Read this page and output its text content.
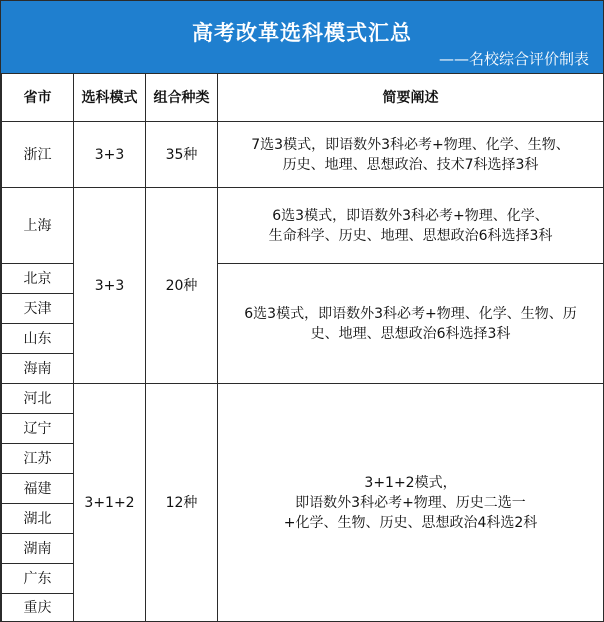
高考改革选科模式汇总
——名校综合评价制表
省市	选科模式	组合种类	简要阐述
浙江	3+3	35种	7选3模式，即语数外3科必考+物理、化学、生物、
历史、地理、思想政治、技术7科选择3科

上海	3+3	20种	6选3模式，即语数外3科必考+物理、化学、
生命科学、历史、地理、思想政治6科选择3科

北京			6选3模式，即语数外3科必考+物理、化学、生物、历
史、地理、思想政治6科选择3科

天津			
山东			
海南			
河北	3+1+2	12种	3+1+2模式，
即语数外3科必考+物理、历史二选一
+化学、生物、历史、思想政治4科选2科

辽宁			
江苏			
福建			
湖北			
湖南			
广东			
重庆			
